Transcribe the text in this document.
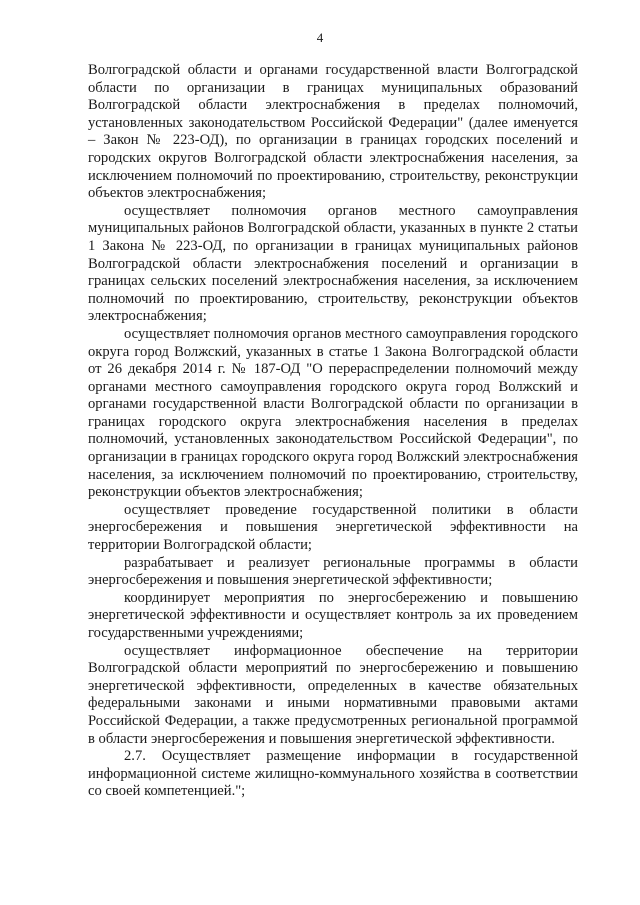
4

Волгоградской области и органами государственной власти Волгоградской области по организации в границах муниципальных образований Волгоградской области электроснабжения в пределах полномочий, установленных законодательством Российской Федерации" (далее именуется – Закон № 223-ОД), по организации в границах городских поселений и городских округов Волгоградской области электроснабжения населения, за исключением полномочий по проектированию, строительству, реконструкции объектов электроснабжения;

осуществляет полномочия органов местного самоуправления муниципальных районов Волгоградской области, указанных в пункте 2 статьи 1 Закона № 223-ОД, по организации в границах муниципальных районов Волгоградской области электроснабжения поселений и организации в границах сельских поселений электроснабжения населения, за исключением полномочий по проектированию, строительству, реконструкции объектов электроснабжения;

осуществляет полномочия органов местного самоуправления городского округа город Волжский, указанных в статье 1 Закона Волгоградской области от 26 декабря 2014 г. № 187-ОД "О перераспределении полномочий между органами местного самоуправления городского округа город Волжский и органами государственной власти Волгоградской области по организации в границах городского округа электроснабжения населения в пределах полномочий, установленных законодательством Российской Федерации", по организации в границах городского округа город Волжский электроснабжения населения, за исключением полномочий по проектированию, строительству, реконструкции объектов электроснабжения;

осуществляет проведение государственной политики в области энергосбережения и повышения энергетической эффективности на территории Волгоградской области;

разрабатывает и реализует региональные программы в области энергосбережения и повышения энергетической эффективности;

координирует мероприятия по энергосбережению и повышению энергетической эффективности и осуществляет контроль за их проведением государственными учреждениями;

осуществляет информационное обеспечение на территории Волгоградской области мероприятий по энергосбережению и повышению энергетической эффективности, определенных в качестве обязательных федеральными законами и иными нормативными правовыми актами Российской Федерации, а также предусмотренных региональной программой в области энергосбережения и повышения энергетической эффективности.

2.7. Осуществляет размещение информации в государственной информационной системе жилищно-коммунального хозяйства в соответствии со своей компетенцией.";
